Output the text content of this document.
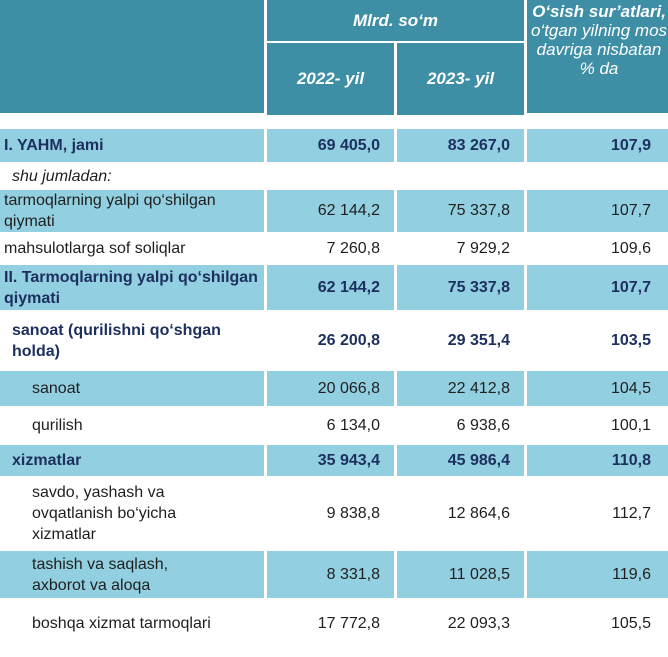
	Mlrd. so‘m		O‘sish sur’atlari,
o‘tgan yilning mos davriga nisbatan % da

	2022- yil	2023- yil	

I. YAHM, jami	69 405,0	83 267,0	107,9
shu jumladan:			
tarmoqlarning yalpi qo‘shilgan qiymati	62 144,2	75 337,8	107,7
mahsulotlarga sof soliqlar	7 260,8	7 929,2	109,6
II. Tarmoqlarning yalpi qo‘shilgan qiymati	62 144,2	75 337,8	107,7
sanoat (qurilishni qo‘shgan holda)	26 200,8	29 351,4	103,5
sanoat	20 066,8	22 412,8	104,5
qurilish	6 134,0	6 938,6	100,1
xizmatlar	35 943,4	45 986,4	110,8
savdo, yashash va ovqatlanish bo‘yicha xizmatlar	9 838,8	12 864,6	112,7
tashish va saqlash, axborot va aloqa	8 331,8	11 028,5	119,6
boshqa xizmat tarmoqlari	17 772,8	22 093,3	105,5
